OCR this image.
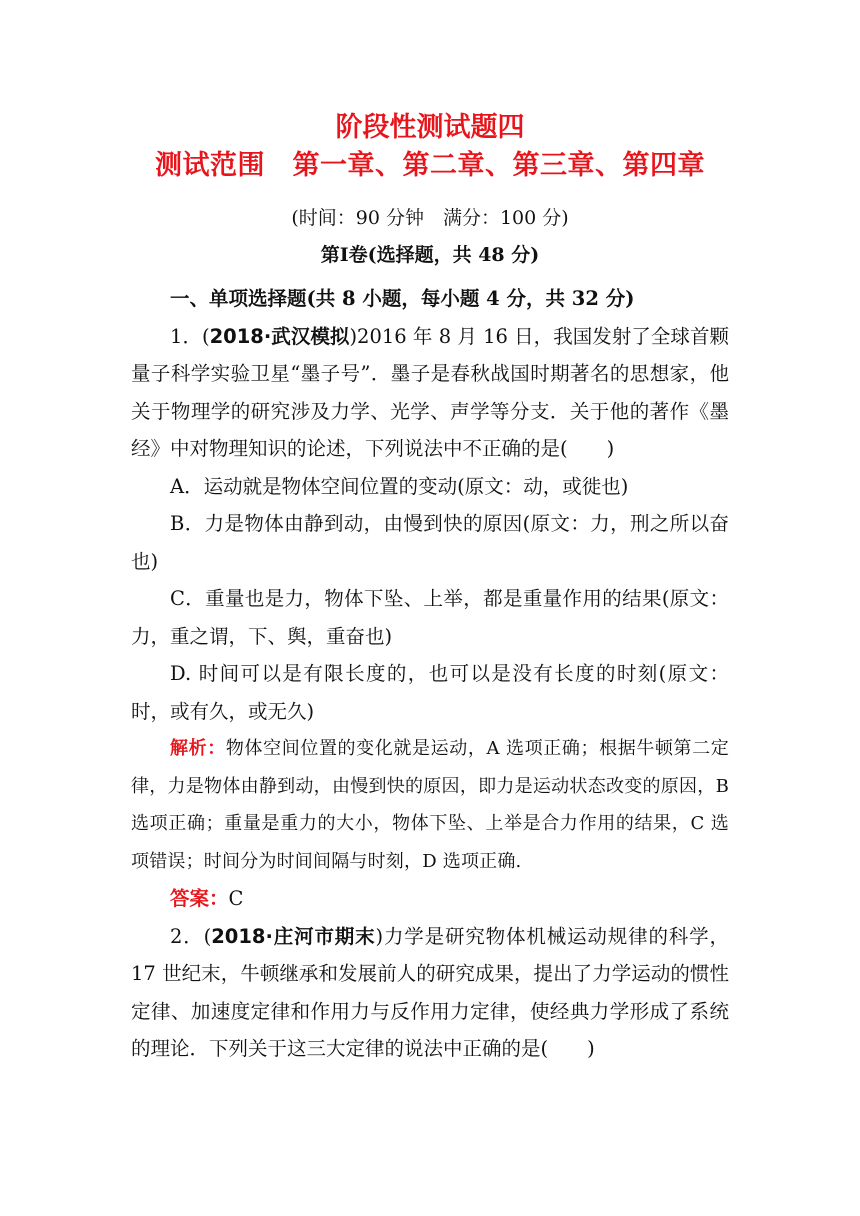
阶段性测试题四
测试范围　第一章、第二章、第三章、第四章
(时间：90 分钟　满分：100 分)
第Ⅰ卷(选择题，共 48 分)

一、单项选择题(共 8 小题，每小题 4 分，共 32 分)

1．(2018·武汉模拟)2016 年 8 月 16 日，我国发射了全球首颗量子科学实验卫星“墨子号”．墨子是春秋战国时期著名的思想家，他关于物理学的研究涉及力学、光学、声学等分支．关于他的著作《墨经》中对物理知识的论述，下列说法中不正确的是(　　)

A．运动就是物体空间位置的变动(原文：动，或徙也)

B．力是物体由静到动，由慢到快的原因(原文：力，刑之所以奋也)

C．重量也是力，物体下坠、上举，都是重量作用的结果(原文：力，重之谓，下、舆，重奋也)

D. 时间可以是有限长度的，也可以是没有长度的时刻(原文：时，或有久，或无久)

解析：物体空间位置的变化就是运动，A 选项正确；根据牛顿第二定律，力是物体由静到动，由慢到快的原因，即力是运动状态改变的原因，B 选项正确；重量是重力的大小，物体下坠、上举是合力作用的结果，C 选项错误；时间分为时间间隔与时刻，D 选项正确.

答案：C

2．(2018·庄河市期末)力学是研究物体机械运动规律的科学，17 世纪末，牛顿继承和发展前人的研究成果，提出了力学运动的惯性定律、加速度定律和作用力与反作用力定律，使经典力学形成了系统的理论．下列关于这三大定律的说法中正确的是(　　)
